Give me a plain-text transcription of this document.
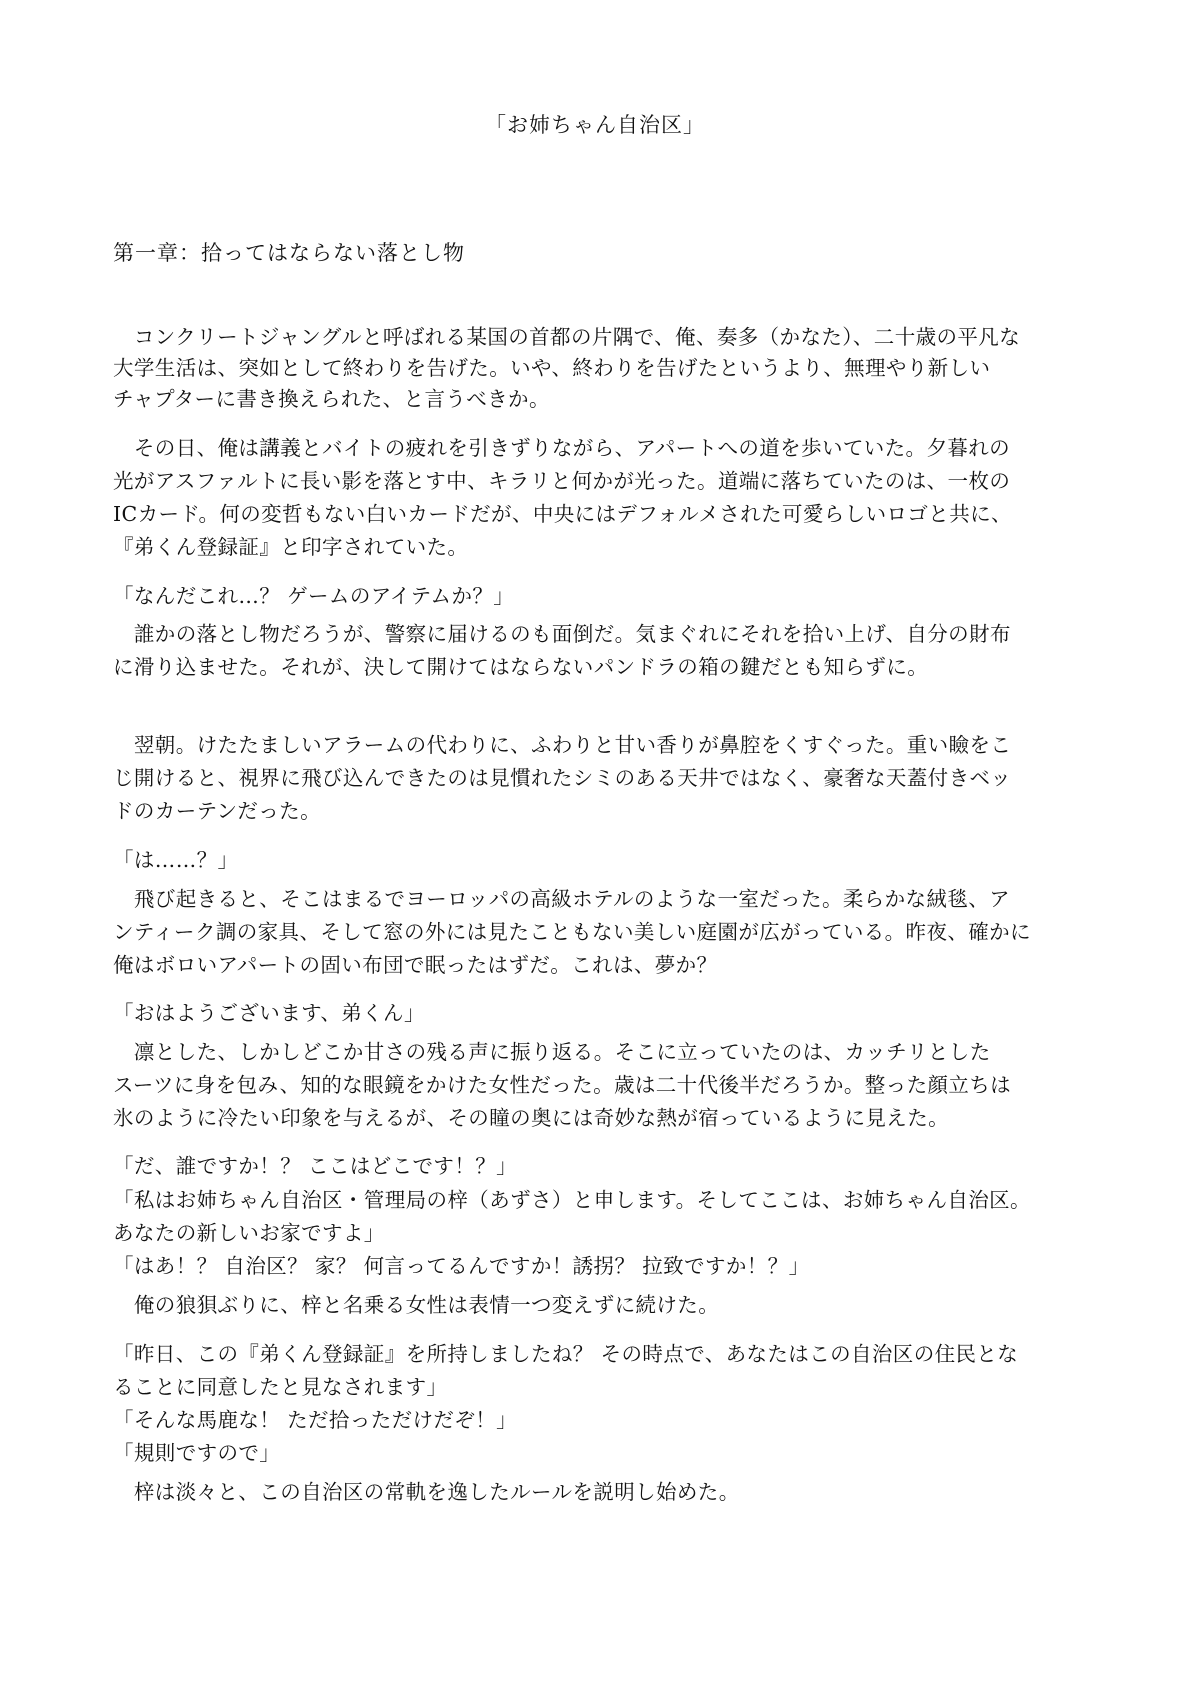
「お姉ちゃん自治区」
第一章：拾ってはならない落とし物
　コンクリートジャングルと呼ばれる某国の首都の片隅で、俺、奏多（かなた）、二十歳の平凡な
大学生活は、突如として終わりを告げた。いや、終わりを告げたというより、無理やり新しい
チャプターに書き換えられた、と言うべきか。
　その日、俺は講義とバイトの疲れを引きずりながら、アパートへの道を歩いていた。夕暮れの
光がアスファルトに長い影を落とす中、キラリと何かが光った。道端に落ちていたのは、一枚の
ICカード。何の変哲もない白いカードだが、中央にはデフォルメされた可愛らしいロゴと共に、
『弟くん登録証』と印字されていた。
「なんだこれ…？ ゲームのアイテムか？」
　誰かの落とし物だろうが、警察に届けるのも面倒だ。気まぐれにそれを拾い上げ、自分の財布
に滑り込ませた。それが、決して開けてはならないパンドラの箱の鍵だとも知らずに。
　翌朝。けたたましいアラームの代わりに、ふわりと甘い香りが鼻腔をくすぐった。重い瞼をこ
じ開けると、視界に飛び込んできたのは見慣れたシミのある天井ではなく、豪奢な天蓋付きベッ
ドのカーテンだった。
「は……？」
　飛び起きると、そこはまるでヨーロッパの高級ホテルのような一室だった。柔らかな絨毯、ア
ンティーク調の家具、そして窓の外には見たこともない美しい庭園が広がっている。昨夜、確かに
俺はボロいアパートの固い布団で眠ったはずだ。これは、夢か？
「おはようございます、弟くん」
　凛とした、しかしどこか甘さの残る声に振り返る。そこに立っていたのは、カッチリとした
スーツに身を包み、知的な眼鏡をかけた女性だった。歳は二十代後半だろうか。整った顔立ちは
氷のように冷たい印象を与えるが、その瞳の奥には奇妙な熱が宿っているように見えた。
「だ、誰ですか！？ ここはどこです！？」
「私はお姉ちゃん自治区・管理局の梓（あずさ）と申します。そしてここは、お姉ちゃん自治区。
あなたの新しいお家ですよ」
「はあ！？ 自治区？ 家？ 何言ってるんですか！誘拐？ 拉致ですか！？」
　俺の狼狽ぶりに、梓と名乗る女性は表情一つ変えずに続けた。
「昨日、この『弟くん登録証』を所持しましたね？ その時点で、あなたはこの自治区の住民とな
ることに同意したと見なされます」
「そんな馬鹿な！ ただ拾っただけだぞ！」
「規則ですので」
　梓は淡々と、この自治区の常軌を逸したルールを説明し始めた。
